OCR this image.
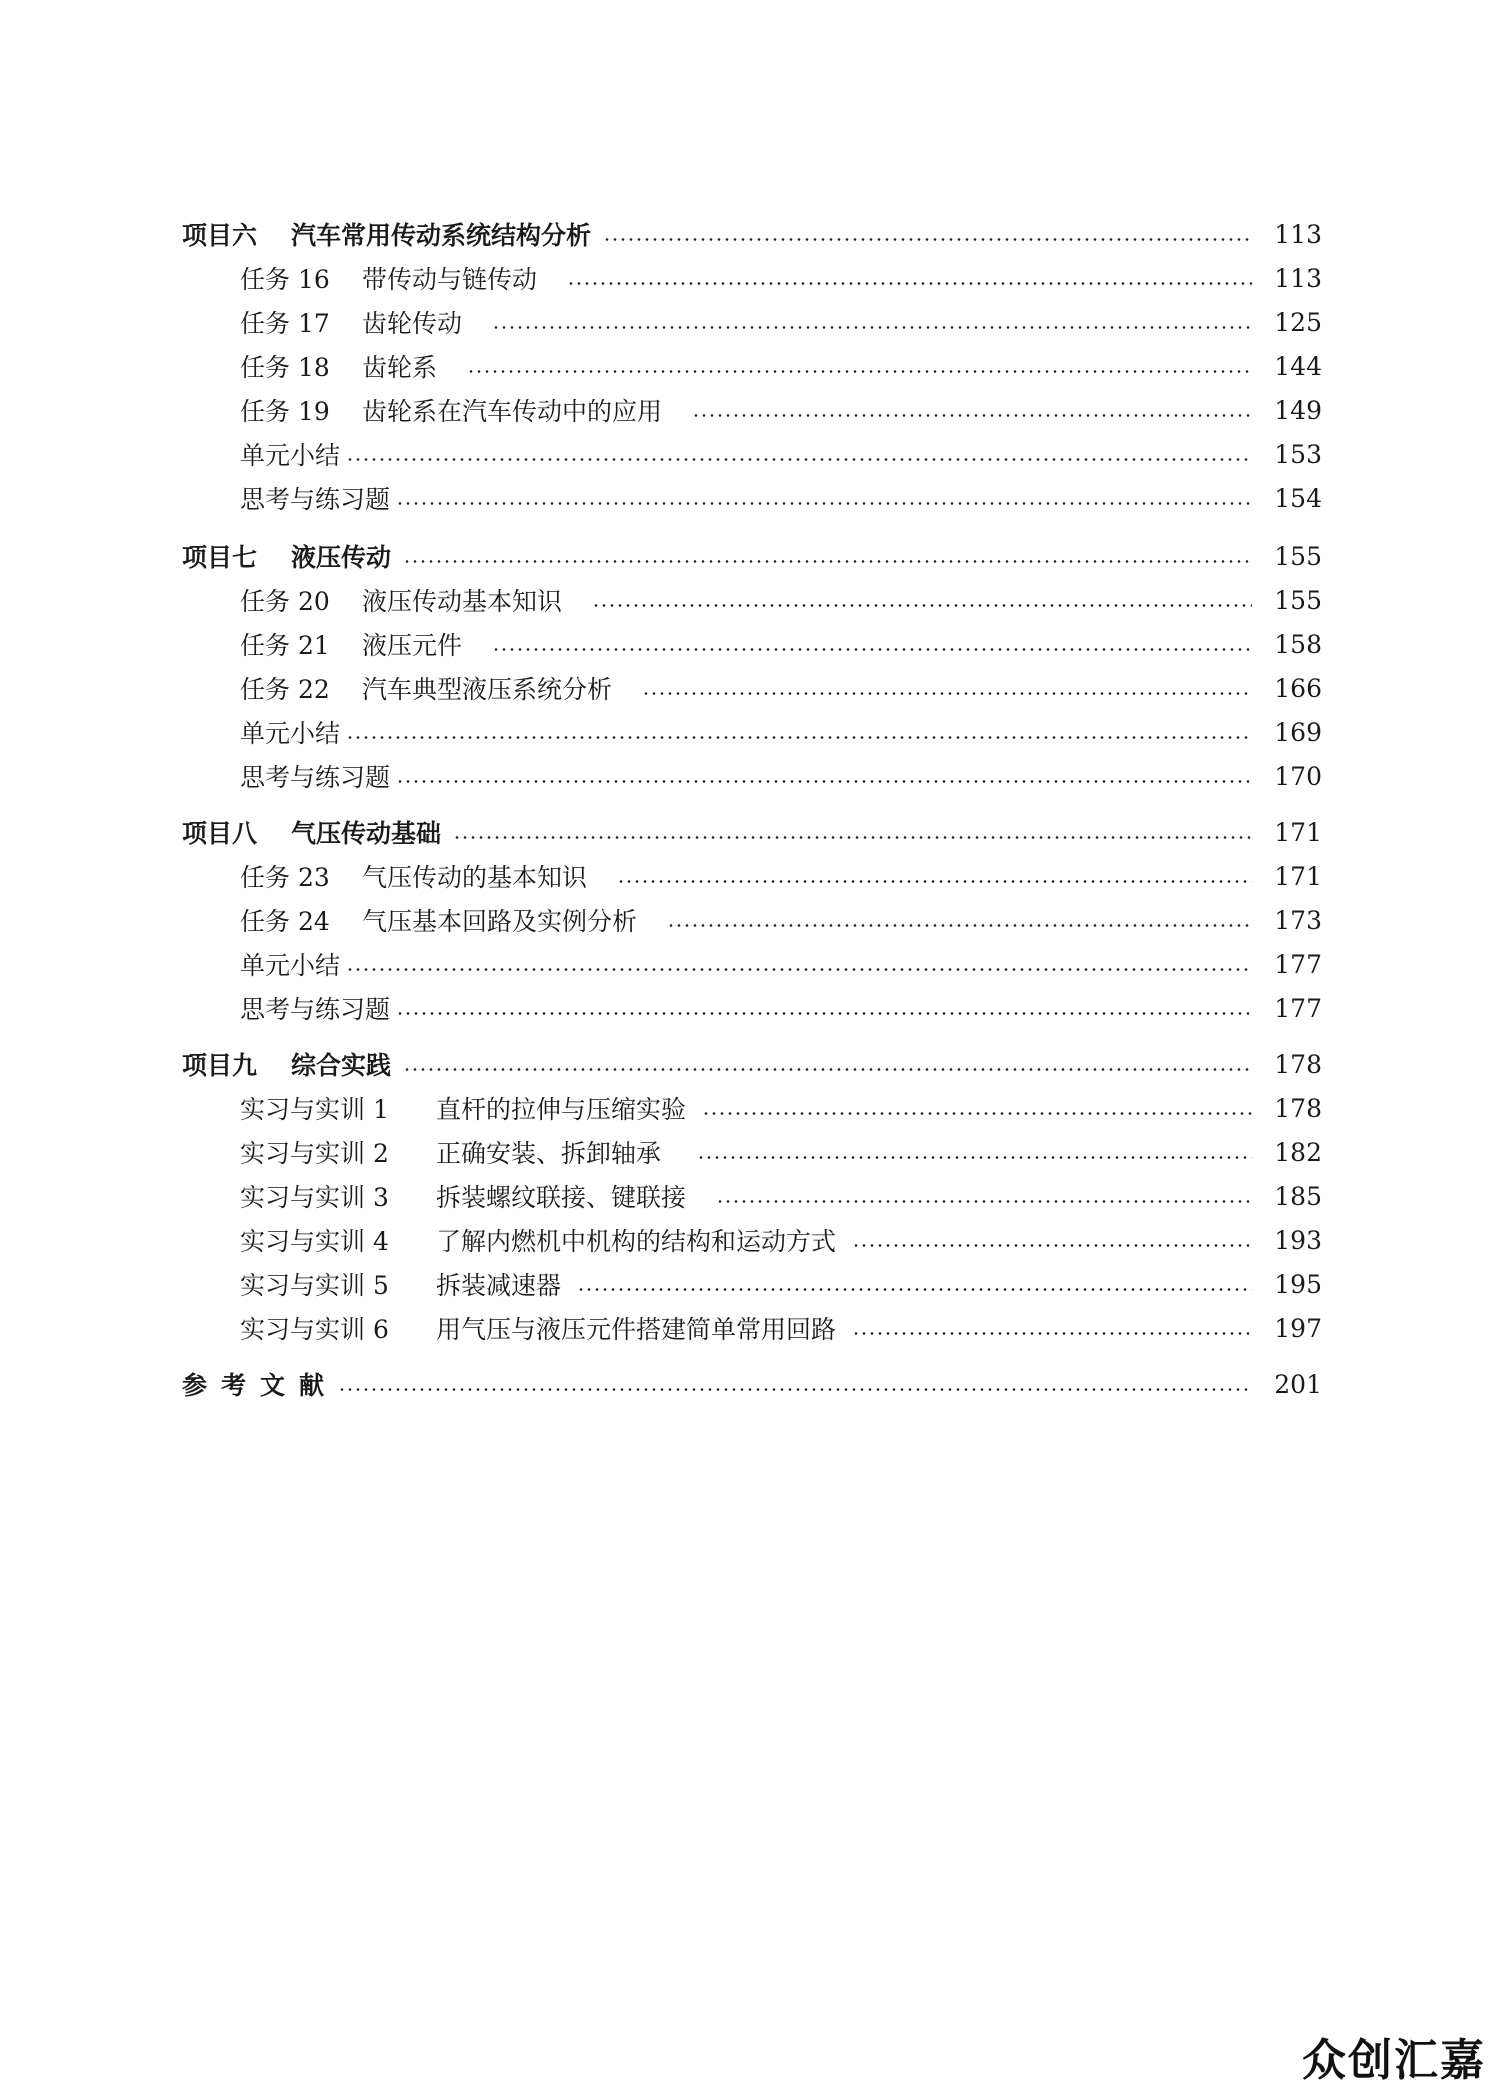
项目六 汽车常用传动系统结构分析	113
任务 16	带传动与链传动	113
任务 17	齿轮传动	125
任务 18	齿轮系	144
任务 19	齿轮系在汽车传动中的应用	149
单元小结	153
思考与练习题	154
项目七 液压传动	155
任务 20	液压传动基本知识	155
任务 21	液压元件	158
任务 22	汽车典型液压系统分析	166
单元小结	169
思考与练习题	170
项目八 气压传动基础	171
任务 23	气压传动的基本知识	171
任务 24	气压基本回路及实例分析	173
单元小结	177
思考与练习题	177
项目九 综合实践	178
实习与实训 1	直杆的拉伸与压缩实验	178
实习与实训 2	正确安装、拆卸轴承	182
实习与实训 3	拆装螺纹联接、键联接	185
实习与实训 4	了解内燃机中机构的结构和运动方式	193
实习与实训 5	拆装减速器	195
实习与实训 6	用气压与液压元件搭建简单常用回路	197
参考文献	201
众创汇嘉
